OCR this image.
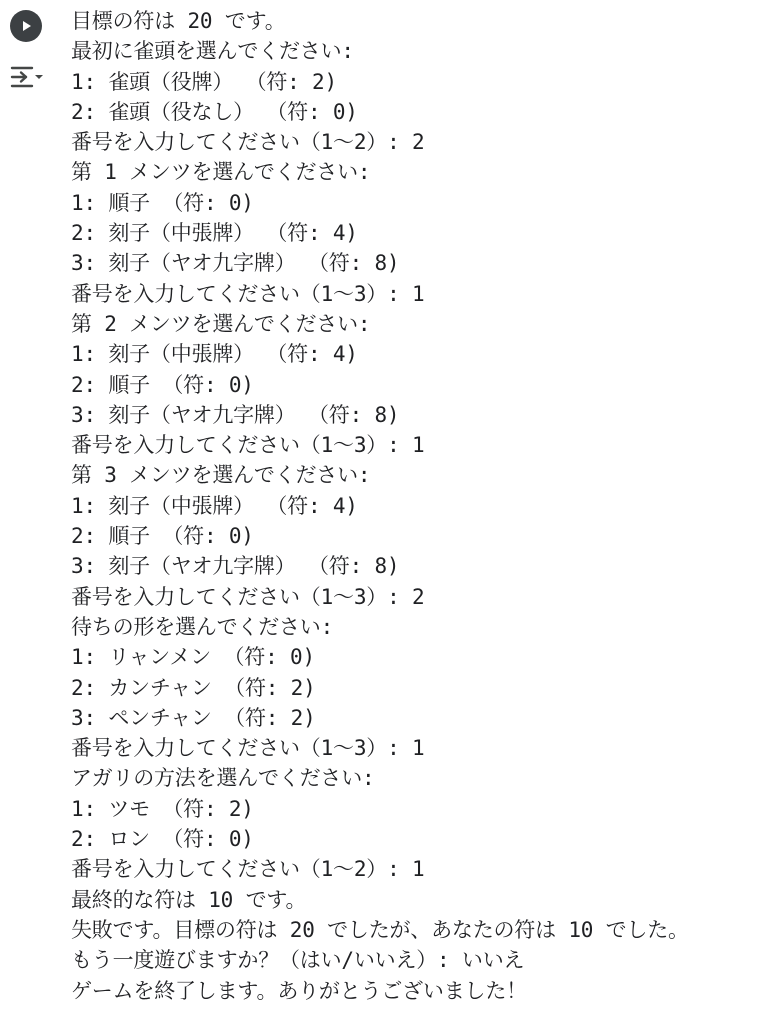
目標の符は 20 です。
最初に雀頭を選んでください:
1: 雀頭（役牌） （符: 2)
2: 雀頭（役なし） （符: 0)
番号を入力してください（1〜2）: 2
第 1 メンツを選んでください:
1: 順子 （符: 0)
2: 刻子（中張牌） （符: 4)
3: 刻子（ヤオ九字牌） （符: 8)
番号を入力してください（1〜3）: 1
第 2 メンツを選んでください:
1: 刻子（中張牌） （符: 4)
2: 順子 （符: 0)
3: 刻子（ヤオ九字牌） （符: 8)
番号を入力してください（1〜3）: 1
第 3 メンツを選んでください:
1: 刻子（中張牌） （符: 4)
2: 順子 （符: 0)
3: 刻子（ヤオ九字牌） （符: 8)
番号を入力してください（1〜3）: 2
待ちの形を選んでください:
1: リャンメン （符: 0)
2: カンチャン （符: 2)
3: ペンチャン （符: 2)
番号を入力してください（1〜3）: 1
アガリの方法を選んでください:
1: ツモ （符: 2)
2: ロン （符: 0)
番号を入力してください（1〜2）: 1
最終的な符は 10 です。
失敗です。目標の符は 20 でしたが、あなたの符は 10 でした。
もう一度遊びますか？（はい/いいえ）: いいえ
ゲームを終了します。ありがとうございました！
